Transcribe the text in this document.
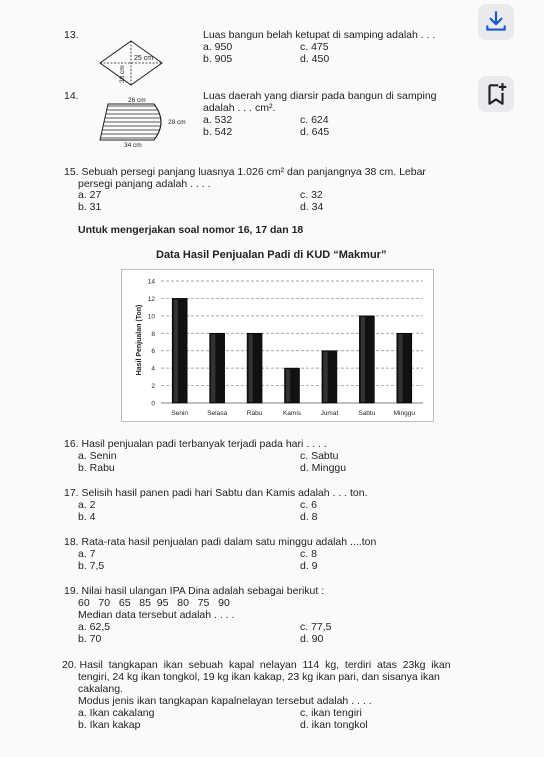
13.
25 cm
38 cm
Luas bangun belah ketupat di samping adalah . . .
a. 950	c. 475
b. 905	d. 450
14.	26 cm
28 cm
34 cm
Luas daerah yang diarsir pada bangun di samping
adalah . . . cm².
a. 532	c. 624
b. 542	d. 645
15. Sebuah persegi panjang luasnya 1.026 cm² dan panjangnya 38 cm. Lebar
persegi panjang adalah . . . .
a. 27	c. 32
b. 31	d. 34
Untuk mengerjakan soal nomor 16, 17 dan 18
Data Hasil Penjualan Padi di KUD “Makmur”
0
2
4
6
8
10
12
14
Senin	Selasa	Rabu	Kamis	Jumat	Sabtu	Minggu
Hasil Penjualan (Ton)
16. Hasil penjualan padi terbanyak terjadi pada hari . . . .
a. Senin	c. Sabtu
b. Rabu	d. Minggu
17. Selisih hasil panen padi hari Sabtu dan Kamis adalah . . . ton.
a. 2	c. 6
b. 4	d. 8
18. Rata-rata hasil penjualan padi dalam satu minggu adalah ....ton
a. 7	c. 8
b. 7,5	d. 9
19. Nilai hasil ulangan IPA Dina adalah sebagai berikut :
60   70   65   85  95   80   75   90
Median data tersebut adalah . . . .
a. 62,5	c. 77,5
b. 70	d. 90
20. Hasil  tangkapan  ikan  sebuah  kapal  nelayan  114  kg,  terdiri  atas  23kg  ikan
tengiri, 24 kg ikan tongkol, 19 kg ikan kakap, 23 kg ikan pari, dan sisanya ikan
cakalang.
Modus jenis ikan tangkapan kapalnelayan tersebut adalah . . . .
a. Ikan cakalang	c. ikan tengiri
b. Ikan kakap	d. ikan tongkol
